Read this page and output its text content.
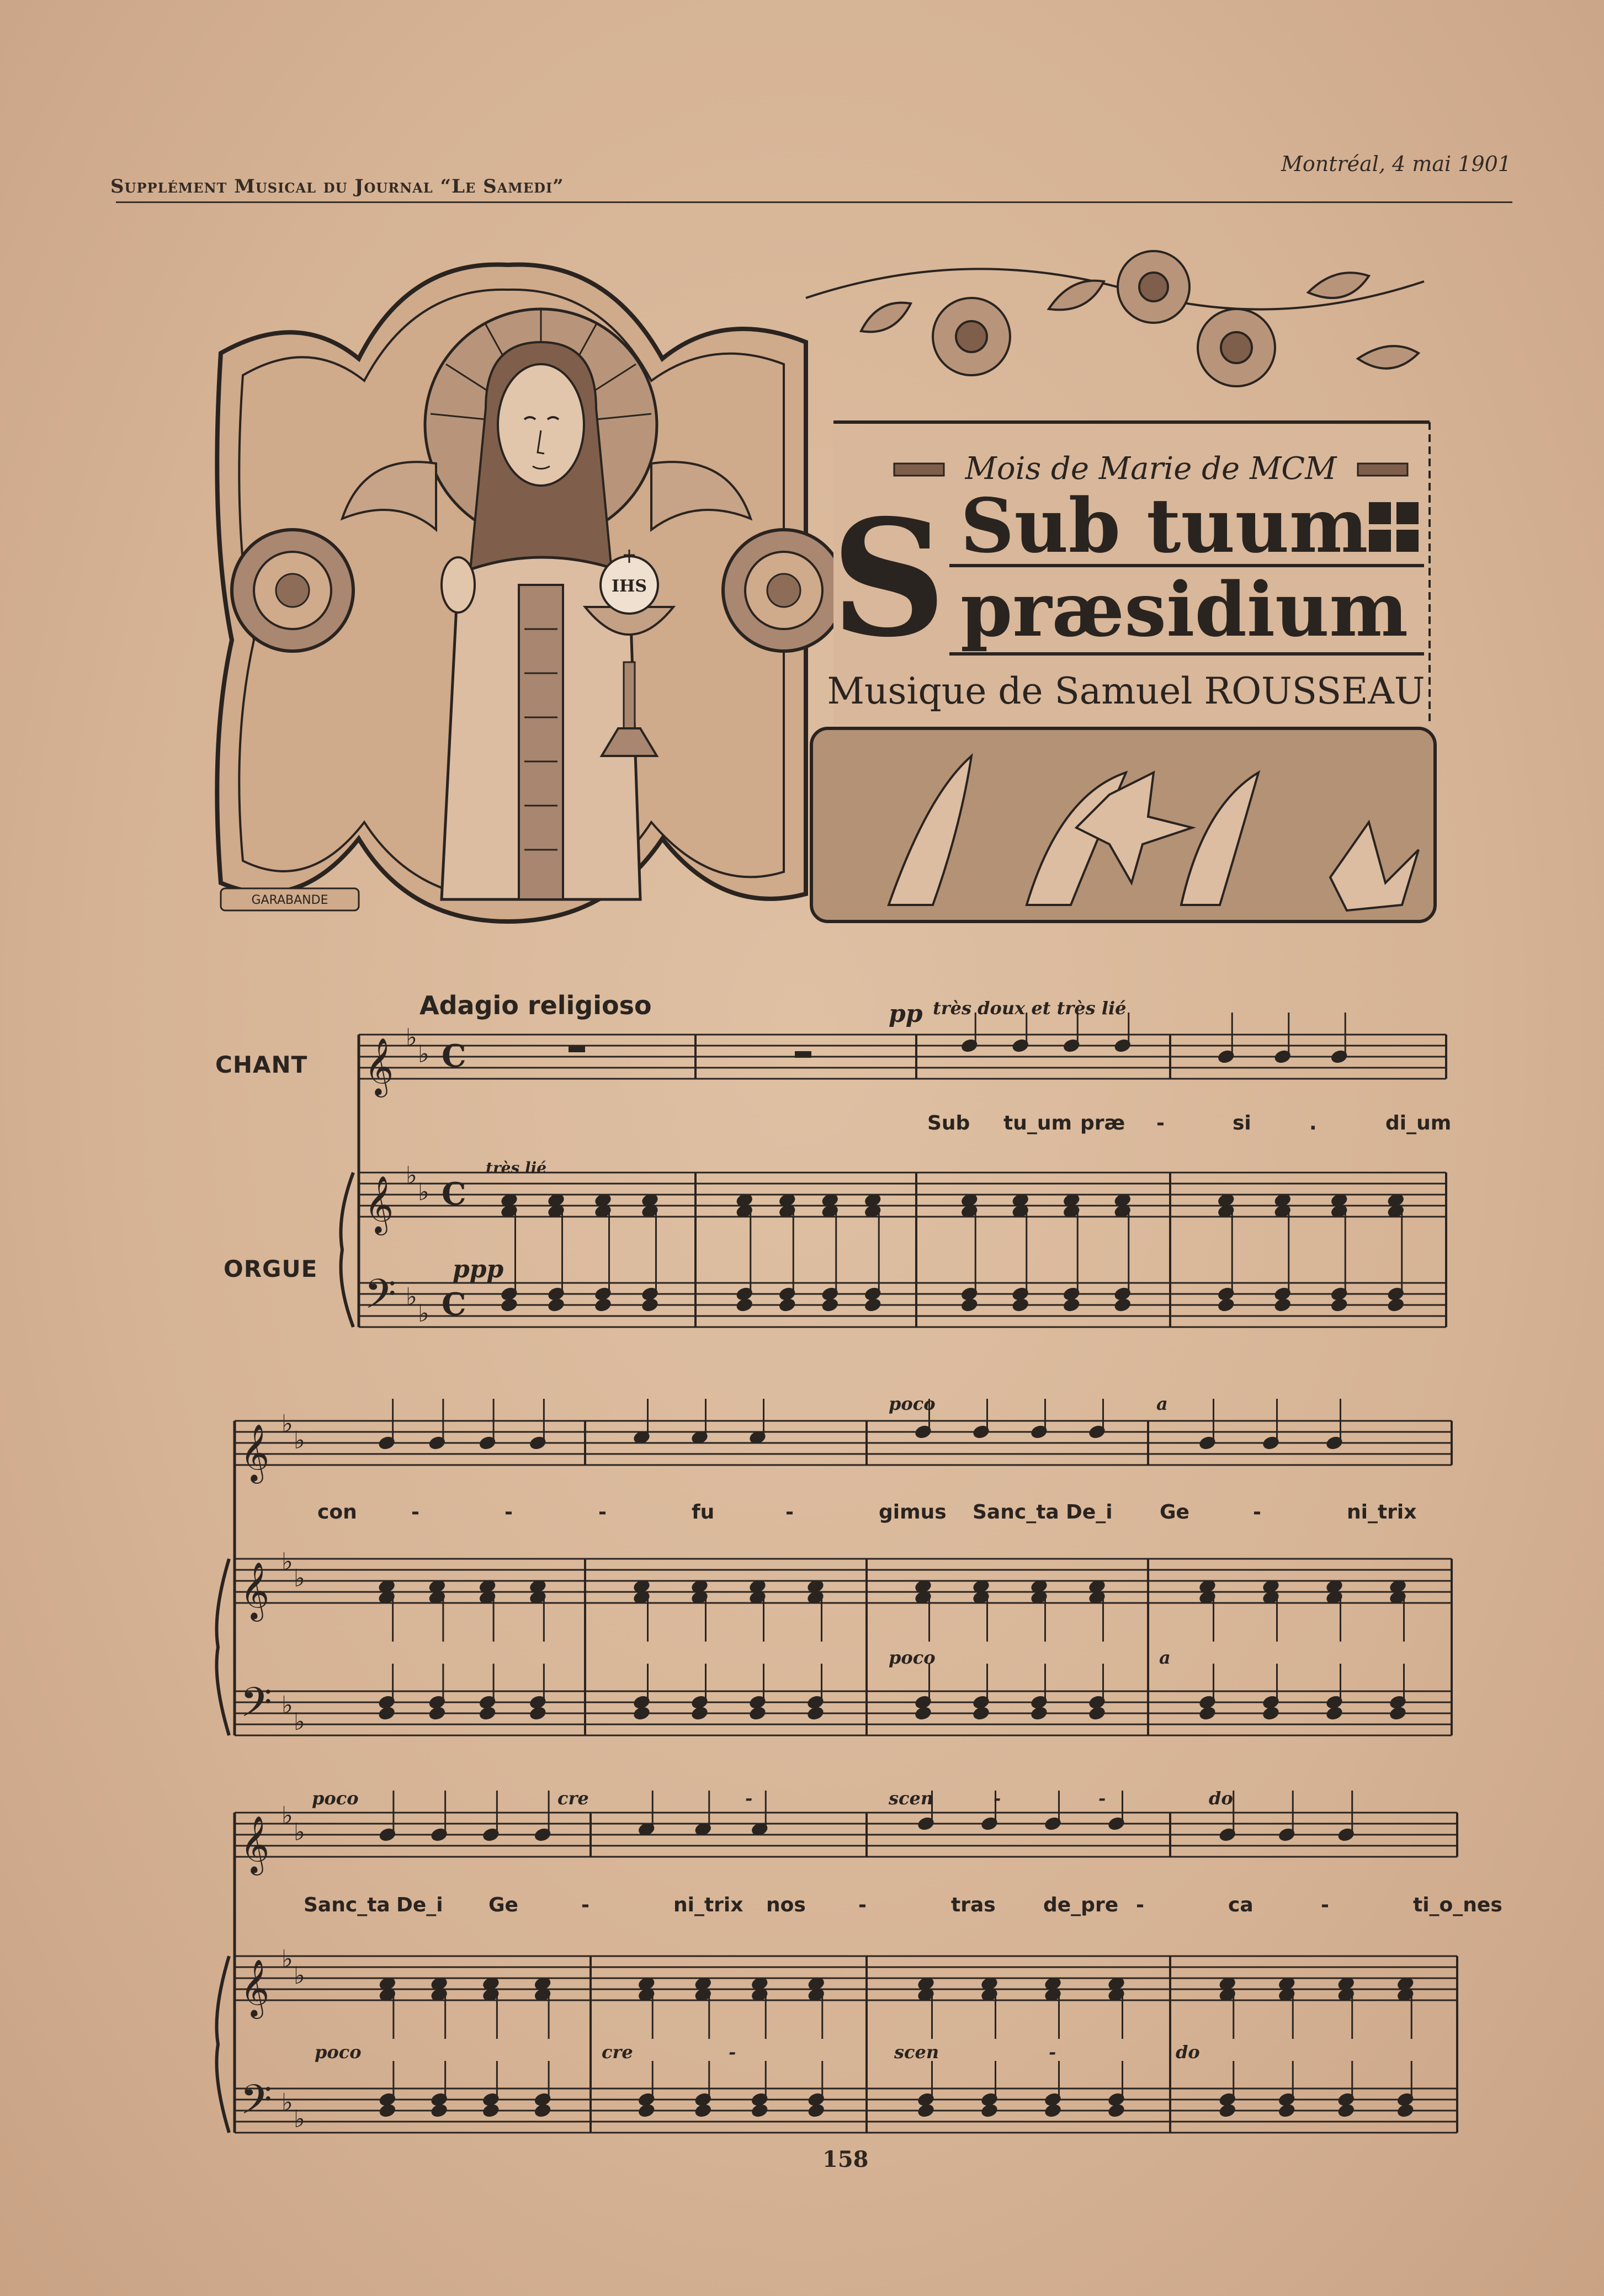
Supplément Musical du Journal “Le Samedi”
Montréal, 4 mai 1901
IHS
GARABANDE
Mois de Marie de MCM
S Sub tuum
præsidium
Musique de Samuel ROUSSEAU
𝄞
𝄞
𝄢
♭
♭
♭
♭
♭
♭
C
C
C
𝄞
𝄞
𝄢
♭
♭
♭
♭
♭
♭
𝄞
𝄞
𝄢
♭
♭
♭
♭
♭
♭
Adagio religioso
CHANT
ORGUE
pp très doux et très lié
très lié
ppp
Sub tu_um præ -	si	.	di_um
con	-	-	-	fu	-	gimus Sanc_ta De_i Ge	-	ni_trix
Sanc_ta De_i Ge	-	ni_trix nos	-	tras de_pre -	ca	-	ti_o_nes
poco	a
poco	a
poco	cre	-	scen	-	-	do
poco	cre	-	scen	-	do
158
